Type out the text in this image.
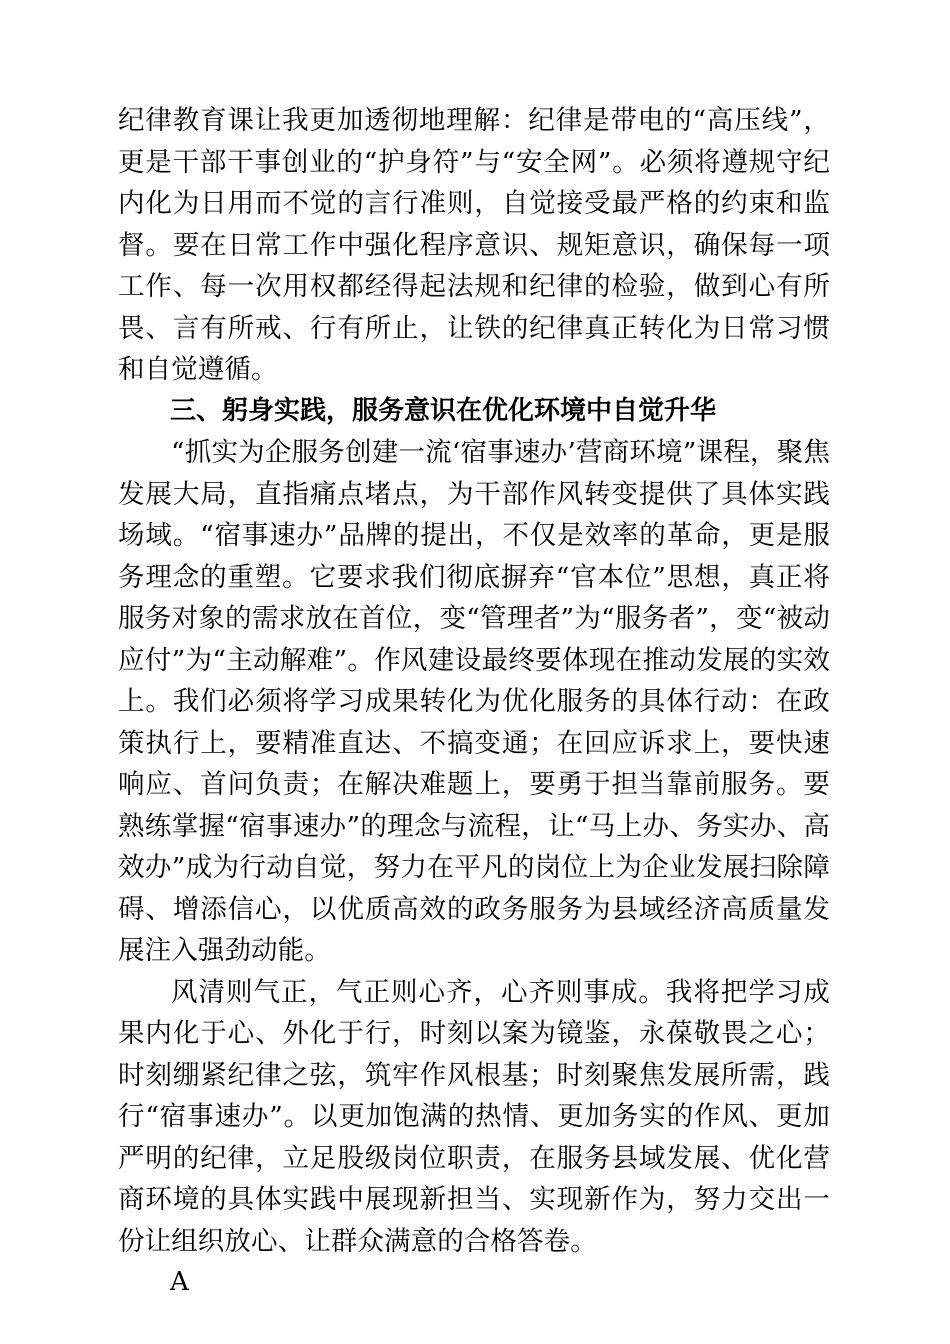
纪律教育课让我更加透彻地理解：纪律是带电的“高压线”，更是干部干事创业的“护身符”与“安全网”。必须将遵规守纪内化为日用而不觉的言行准则，自觉接受最严格的约束和监督。要在日常工作中强化程序意识、规矩意识，确保每一项工作、每一次用权都经得起法规和纪律的检验，做到心有所畏、言有所戒、行有所止，让铁的纪律真正转化为日常习惯和自觉遵循。

三、躬身实践，服务意识在优化环境中自觉升华

“抓实为企服务创建一流‘宿事速办’营商环境”课程，聚焦发展大局，直指痛点堵点，为干部作风转变提供了具体实践场域。“宿事速办”品牌的提出，不仅是效率的革命，更是服务理念的重塑。它要求我们彻底摒弃“官本位”思想，真正将服务对象的需求放在首位，变“管理者”为“服务者”，变“被动应付”为“主动解难”。作风建设最终要体现在推动发展的实效上。我们必须将学习成果转化为优化服务的具体行动：在政策执行上，要精准直达、不搞变通；在回应诉求上，要快速响应、首问负责；在解决难题上，要勇于担当靠前服务。要熟练掌握“宿事速办”的理念与流程，让“马上办、务实办、高效办”成为行动自觉，努力在平凡的岗位上为企业发展扫除障碍、增添信心，以优质高效的政务服务为县域经济高质量发展注入强劲动能。

风清则气正，气正则心齐，心齐则事成。我将把学习成果内化于心、外化于行，时刻以案为镜鉴，永葆敬畏之心；时刻绷紧纪律之弦，筑牢作风根基；时刻聚焦发展所需，践行“宿事速办”。以更加饱满的热情、更加务实的作风、更加严明的纪律，立足股级岗位职责，在服务县域发展、优化营商环境的具体实践中展现新担当、实现新作为，努力交出一份让组织放心、让群众满意的合格答卷。

A
